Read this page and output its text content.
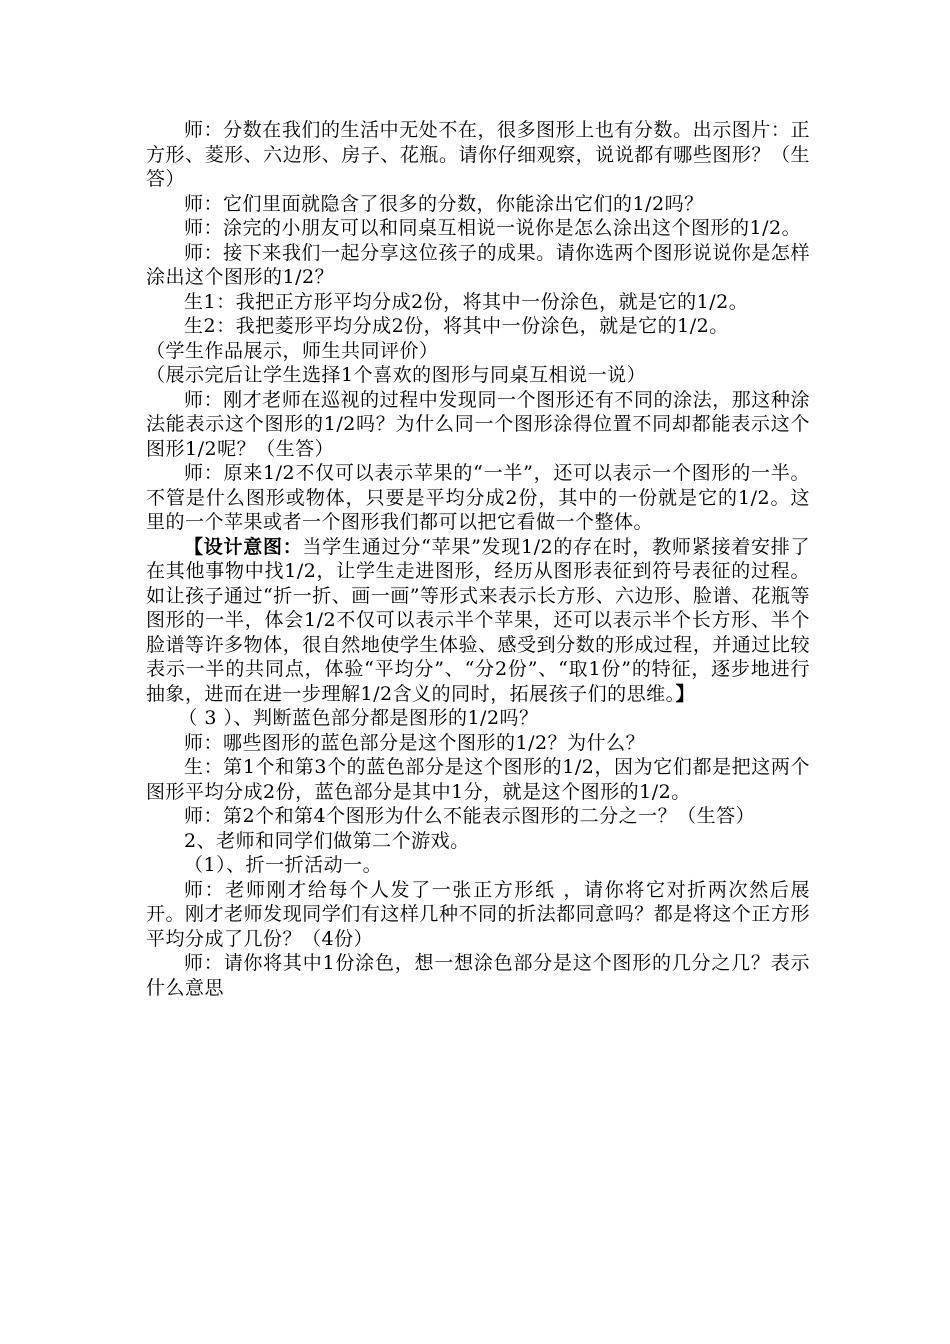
师：分数在我们的生活中无处不在，很多图形上也有分数。出示图片：正方形、菱形、六边形、房子、花瓶。请你仔细观察，说说都有哪些图形？（生答）

师：它们里面就隐含了很多的分数，你能涂出它们的1/2吗？

师：涂完的小朋友可以和同桌互相说一说你是怎么涂出这个图形的1/2。

师：接下来我们一起分享这位孩子的成果。请你选两个图形说说你是怎样涂出这个图形的1/2？

生1：我把正方形平均分成2份，将其中一份涂色，就是它的1/2。

生2：我把菱形平均分成2份，将其中一份涂色，就是它的1/2。

（学生作品展示，师生共同评价）

（展示完后让学生选择1个喜欢的图形与同桌互相说一说）

师：刚才老师在巡视的过程中发现同一个图形还有不同的涂法，那这种涂法能表示这个图形的1/2吗？为什么同一个图形涂得位置不同却都能表示这个图形1/2呢？（生答）

师：原来1/2不仅可以表示苹果的“一半”，还可以表示一个图形的一半。不管是什么图形或物体，只要是平均分成2份，其中的一份就是它的1/2。这里的一个苹果或者一个图形我们都可以把它看做一个整体。

【设计意图：当学生通过分“苹果”发现1/2的存在时，教师紧接着安排了在其他事物中找1/2，让学生走进图形，经历从图形表征到符号表征的过程。如让孩子通过“折一折、画一画”等形式来表示长方形、六边形、脸谱、花瓶等图形的一半，体会1/2不仅可以表示半个苹果，还可以表示半个长方形、半个脸谱等许多物体，很自然地使学生体验、感受到分数的形成过程，并通过比较表示一半的共同点，体验“平均分”、“分2份”、“取1份”的特征，逐步地进行抽象，进而在进一步理解1/2含义的同时，拓展孩子们的思维。】

（ 3 ）、判断蓝色部分都是图形的1/2吗？

师：哪些图形的蓝色部分是这个图形的1/2？为什么？

生：第1个和第3个的蓝色部分是这个图形的1/2，因为它们都是把这两个图形平均分成2份，蓝色部分是其中1分，就是这个图形的1/2。

师：第2个和第4个图形为什么不能表示图形的二分之一？（生答）

2、老师和同学们做第二个游戏。

（1）、折一折活动一。

师：老师刚才给每个人发了一张正方形纸 ，请你将它对折两次然后展开。刚才老师发现同学们有这样几种不同的折法都同意吗？都是将这个正方形平均分成了几份？（4份）

师：请你将其中1份涂色，想一想涂色部分是这个图形的几分之几？表示什么意思
